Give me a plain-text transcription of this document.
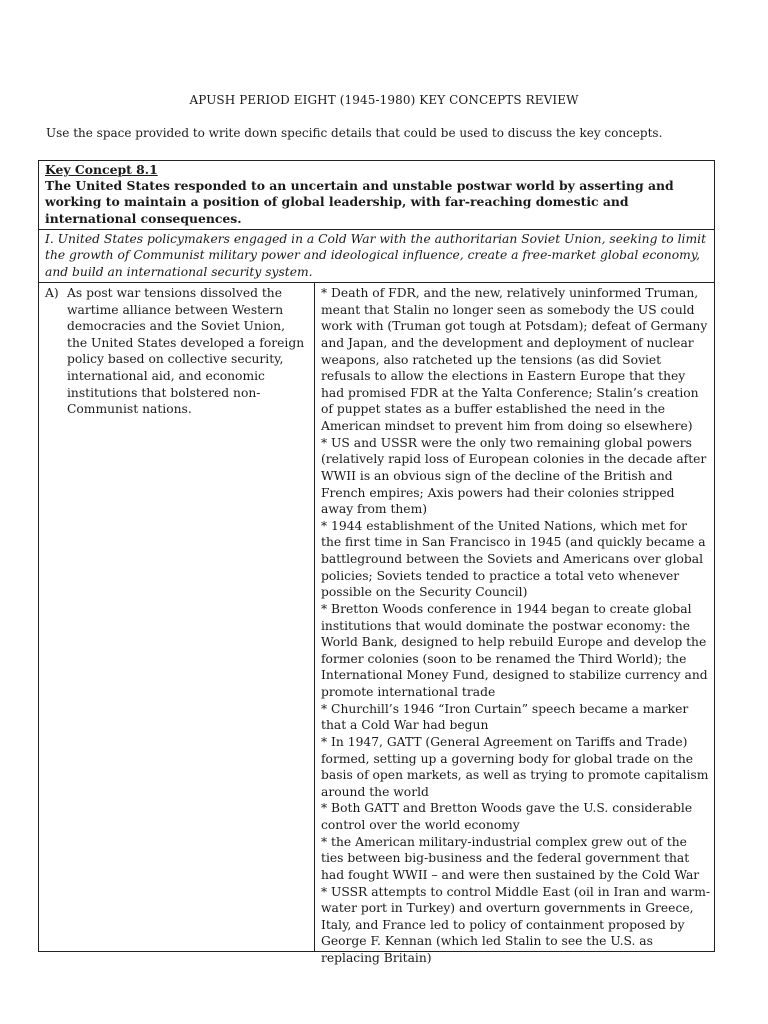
APUSH PERIOD EIGHT (1945-1980) KEY CONCEPTS REVIEW
Use the space provided to write down specific details that could be used to discuss the key concepts.
Key Concept 8.1
The United States responded to an uncertain and unstable postwar world by asserting and working to maintain a position of global leadership, with far-reaching domestic and international consequences.
I. United States policymakers engaged in a Cold War with the authoritarian Soviet Union, seeking to limit the growth of Communist military power and ideological influence, create a free-market global economy, and build an international security system.
A) As post war tensions dissolved the wartime alliance between Western democracies and the Soviet Union, the United States developed a foreign policy based on collective security, international aid, and economic institutions that bolstered non-Communist nations.

* Death of FDR, and the new, relatively uninformed Truman, meant that Stalin no longer seen as somebody the US could work with (Truman got tough at Potsdam); defeat of Germany and Japan, and the development and deployment of nuclear weapons, also ratcheted up the tensions (as did Soviet refusals to allow the elections in Eastern Europe that they had promised FDR at the Yalta Conference; Stalin’s creation of puppet states as a buffer established the need in the American mindset to prevent him from doing so elsewhere)

* US and USSR were the only two remaining global powers (relatively rapid loss of European colonies in the decade after WWII is an obvious sign of the decline of the British and French empires; Axis powers had their colonies stripped away from them)

* 1944 establishment of the United Nations, which met for the first time in San Francisco in 1945 (and quickly became a battleground between the Soviets and Americans over global policies; Soviets tended to practice a total veto whenever possible on the Security Council)

* Bretton Woods conference in 1944 began to create global institutions that would dominate the postwar economy: the World Bank, designed to help rebuild Europe and develop the former colonies (soon to be renamed the Third World); the International Money Fund, designed to stabilize currency and promote international trade

* Churchill’s 1946 “Iron Curtain” speech became a marker that a Cold War had begun

* In 1947, GATT (General Agreement on Tariffs and Trade) formed, setting up a governing body for global trade on the basis of open markets, as well as trying to promote capitalism around the world

* Both GATT and Bretton Woods gave the U.S. considerable control over the world economy

* the American military-industrial complex grew out of the ties between big-business and the federal government that had fought WWII – and were then sustained by the Cold War

* USSR attempts to control Middle East (oil in Iran and warm-water port in Turkey) and overturn governments in Greece, Italy, and France led to policy of containment proposed by George F. Kennan (which led Stalin to see the U.S. as replacing Britain)
